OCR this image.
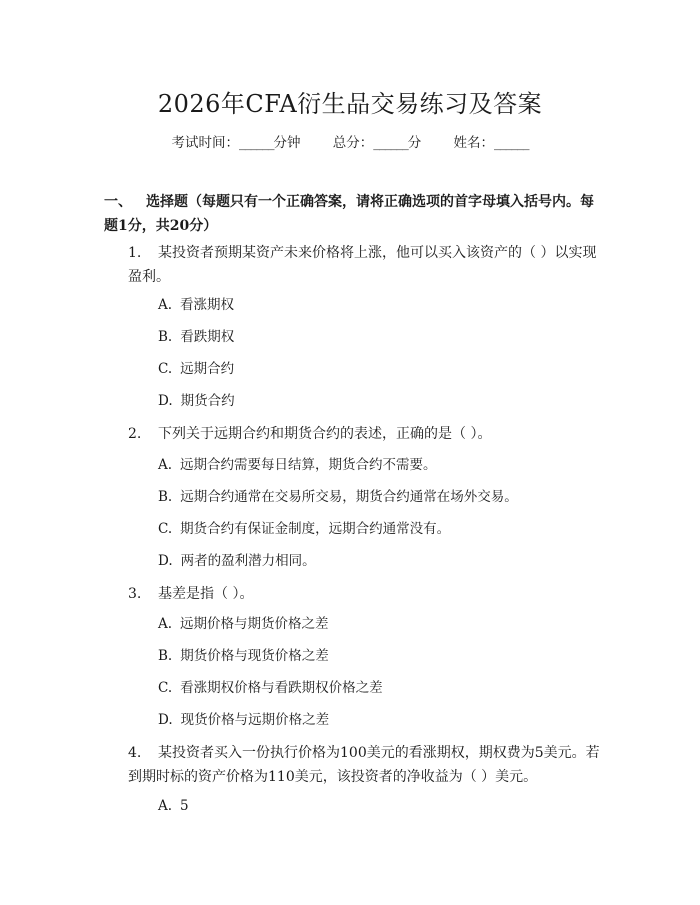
2026年CFA衍生品交易练习及答案
考试时间：______分钟 总分：______分 姓名：______
一、 选择题（每题只有一个正确答案，请将正确选项的首字母填入括号内。每题1分，共20分）
1. 某投资者预期某资产未来价格将上涨，他可以买入该资产的（ ）以实现盈利。
A. 看涨期权
B. 看跌期权
C. 远期合约
D. 期货合约
2. 下列关于远期合约和期货合约的表述，正确的是（ ）。
A. 远期合约需要每日结算，期货合约不需要。
B. 远期合约通常在交易所交易，期货合约通常在场外交易。
C. 期货合约有保证金制度，远期合约通常没有。
D. 两者的盈利潜力相同。
3. 基差是指（ ）。
A. 远期价格与期货价格之差
B. 期货价格与现货价格之差
C. 看涨期权价格与看跌期权价格之差
D. 现货价格与远期价格之差
4. 某投资者买入一份执行价格为100美元的看涨期权，期权费为5美元。若到期时标的资产价格为110美元，该投资者的净收益为（ ）美元。
A. 5
